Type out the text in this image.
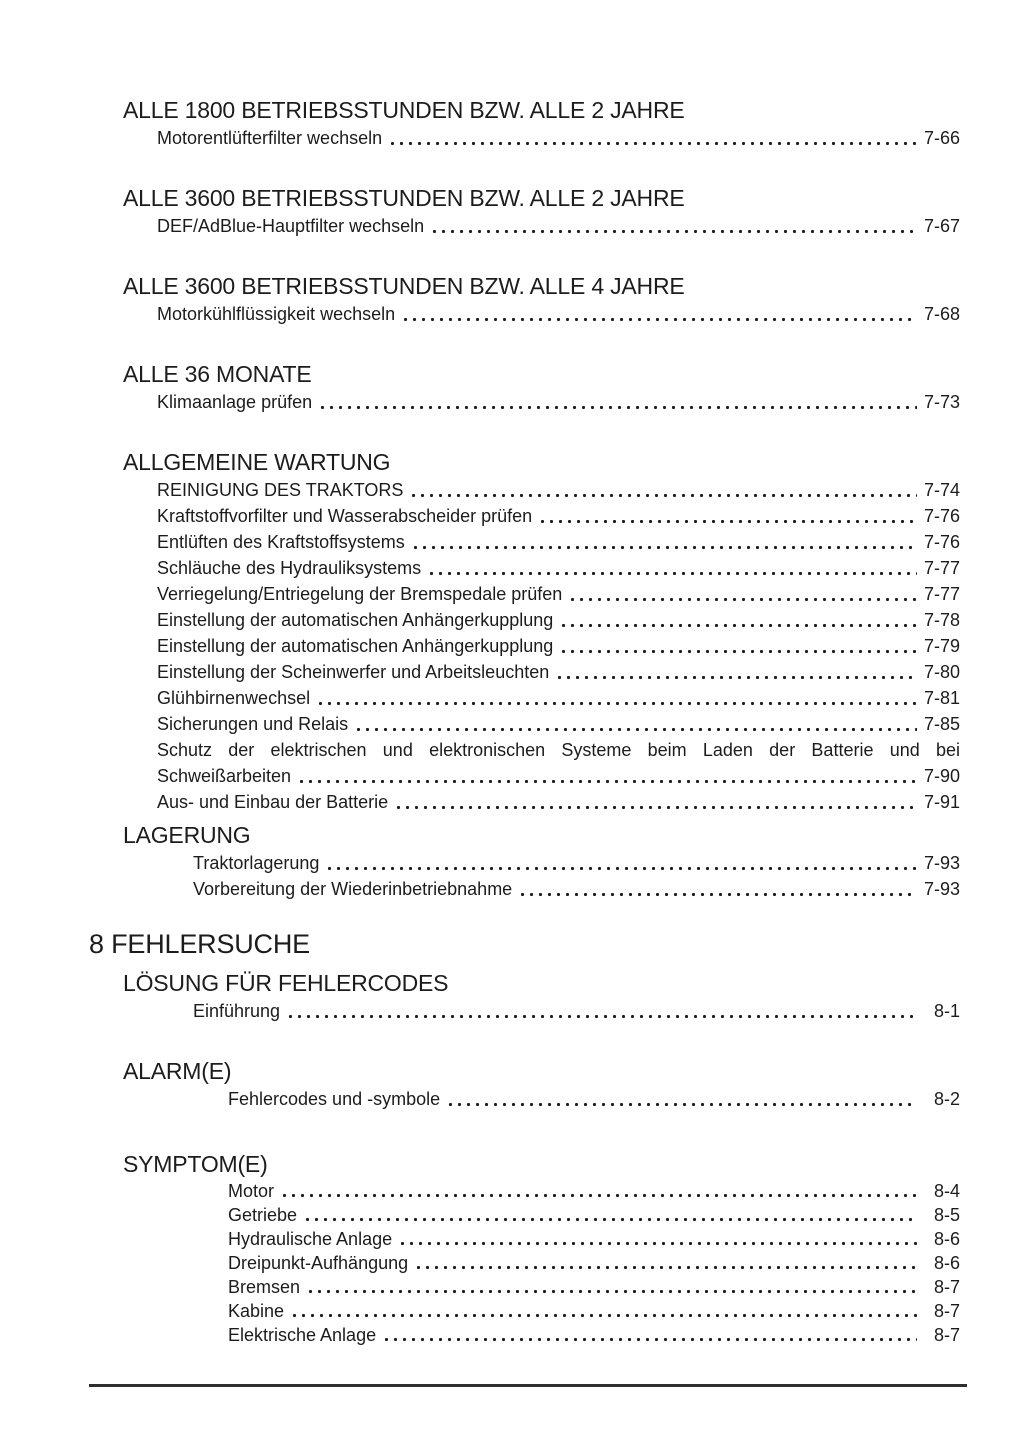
ALLE 1800 BETRIEBSSTUNDEN BZW. ALLE 2 JAHRE
Motorentlüfterfilter wechseln	7-66
ALLE 3600 BETRIEBSSTUNDEN BZW. ALLE 2 JAHRE
DEF/AdBlue-Hauptfilter wechseln	7-67
ALLE 3600 BETRIEBSSTUNDEN BZW. ALLE 4 JAHRE
Motorkühlflüssigkeit wechseln	7-68
ALLE 36 MONATE
Klimaanlage prüfen	7-73
ALLGEMEINE WARTUNG
REINIGUNG DES TRAKTORS	7-74
Kraftstoffvorfilter und Wasserabscheider prüfen	7-76
Entlüften des Kraftstoffsystems	7-76
Schläuche des Hydrauliksystems	7-77
Verriegelung/Entriegelung der Bremspedale prüfen	7-77
Einstellung der automatischen Anhängerkupplung	7-78
Einstellung der automatischen Anhängerkupplung	7-79
Einstellung der Scheinwerfer und Arbeitsleuchten	7-80
Glühbirnenwechsel	7-81
Sicherungen und Relais	7-85
Schutz der elektrischen und elektronischen Systeme beim Laden der Batterie und bei
Schweißarbeiten	7-90
Aus- und Einbau der Batterie	7-91
LAGERUNG
Traktorlagerung	7-93
Vorbereitung der Wiederinbetriebnahme	7-93
8 FEHLERSUCHE
LÖSUNG FÜR FEHLERCODES
Einführung	8-1
ALARM(E)
Fehlercodes und -symbole	8-2
SYMPTOM(E)
Motor	8-4
Getriebe	8-5
Hydraulische Anlage	8-6
Dreipunkt-Aufhängung	8-6
Bremsen	8-7
Kabine	8-7
Elektrische Anlage	8-7
